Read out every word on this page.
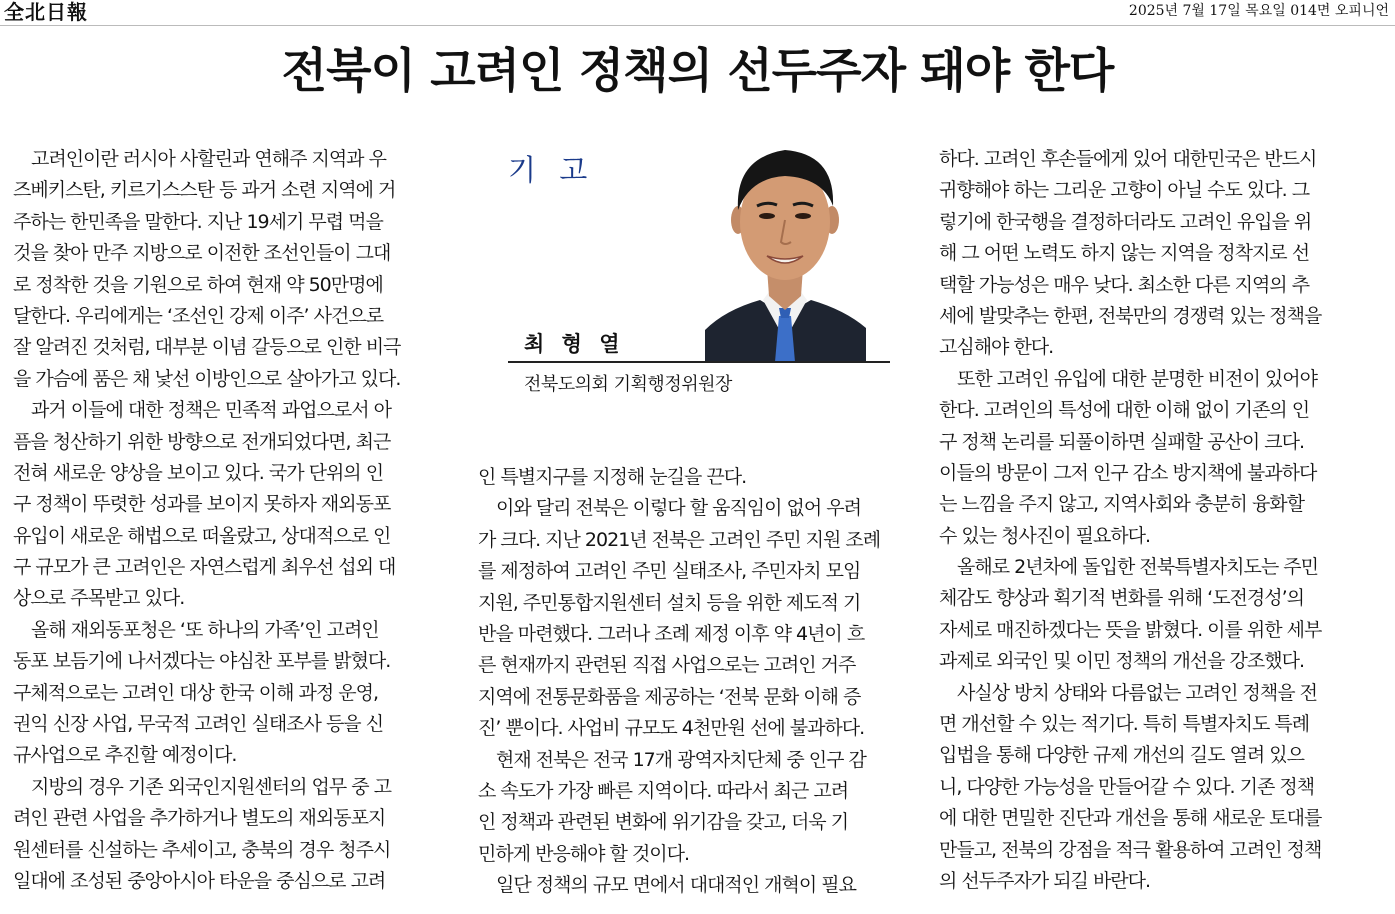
全北日報	2025년 7월 17일 목요일 014면 오피니언
전북이 고려인 정책의 선두주자 돼야 한다
　고려인이란 러시아 사할린과 연해주 지역과 우
즈베키스탄, 키르기스스탄 등 과거 소련 지역에 거
주하는 한민족을 말한다. 지난 19세기 무렵 먹을
것을 찾아 만주 지방으로 이전한 조선인들이 그대
로 정착한 것을 기원으로 하여 현재 약 50만명에
달한다. 우리에게는 ‘조선인 강제 이주’ 사건으로
잘 알려진 것처럼, 대부분 이념 갈등으로 인한 비극
을 가슴에 품은 채 낯선 이방인으로 살아가고 있다.
　과거 이들에 대한 정책은 민족적 과업으로서 아
픔을 청산하기 위한 방향으로 전개되었다면, 최근
전혀 새로운 양상을 보이고 있다. 국가 단위의 인
구 정책이 뚜렷한 성과를 보이지 못하자 재외동포
유입이 새로운 해법으로 떠올랐고, 상대적으로 인
구 규모가 큰 고려인은 자연스럽게 최우선 섭외 대
상으로 주목받고 있다.
　올해 재외동포청은 ‘또 하나의 가족’인 고려인
동포 보듬기에 나서겠다는 야심찬 포부를 밝혔다.
구체적으로는 고려인 대상 한국 이해 과정 운영,
권익 신장 사업, 무국적 고려인 실태조사 등을 신
규사업으로 추진할 예정이다.
　지방의 경우 기존 외국인지원센터의 업무 중 고
려인 관련 사업을 추가하거나 별도의 재외동포지
원센터를 신설하는 추세이고, 충북의 경우 청주시
일대에 조성된 중앙아시아 타운을 중심으로 고려
인 특별지구를 지정해 눈길을 끈다.
　이와 달리 전북은 이렇다 할 움직임이 없어 우려
가 크다. 지난 2021년 전북은 고려인 주민 지원 조례
를 제정하여 고려인 주민 실태조사, 주민자치 모임
지원, 주민통합지원센터 설치 등을 위한 제도적 기
반을 마련했다. 그러나 조례 제정 이후 약 4년이 흐
른 현재까지 관련된 직접 사업으로는 고려인 거주
지역에 전통문화품을 제공하는 ‘전북 문화 이해 증
진’ 뿐이다. 사업비 규모도 4천만원 선에 불과하다.
　현재 전북은 전국 17개 광역자치단체 중 인구 감
소 속도가 가장 빠른 지역이다. 따라서 최근 고려
인 정책과 관련된 변화에 위기감을 갖고, 더욱 기
민하게 반응해야 할 것이다.
　일단 정책의 규모 면에서 대대적인 개혁이 필요
하다. 고려인 후손들에게 있어 대한민국은 반드시
귀향해야 하는 그리운 고향이 아닐 수도 있다. 그
렇기에 한국행을 결정하더라도 고려인 유입을 위
해 그 어떤 노력도 하지 않는 지역을 정착지로 선
택할 가능성은 매우 낮다. 최소한 다른 지역의 추
세에 발맞추는 한편, 전북만의 경쟁력 있는 정책을
고심해야 한다.
　또한 고려인 유입에 대한 분명한 비전이 있어야
한다. 고려인의 특성에 대한 이해 없이 기존의 인
구 정책 논리를 되풀이하면 실패할 공산이 크다.
이들의 방문이 그저 인구 감소 방지책에 불과하다
는 느낌을 주지 않고, 지역사회와 충분히 융화할
수 있는 청사진이 필요하다.
　올해로 2년차에 돌입한 전북특별자치도는 주민
체감도 향상과 획기적 변화를 위해 ‘도전경성’의
자세로 매진하겠다는 뜻을 밝혔다. 이를 위한 세부
과제로 외국인 및 이민 정책의 개선을 강조했다.
　사실상 방치 상태와 다름없는 고려인 정책을 전
면 개선할 수 있는 적기다. 특히 특별자치도 특례
입법을 통해 다양한 규제 개선의 길도 열려 있으
니, 다양한 가능성을 만들어갈 수 있다. 기존 정책
에 대한 면밀한 진단과 개선을 통해 새로운 토대를
만들고, 전북의 강점을 적극 활용하여 고려인 정책
의 선두주자가 되길 바란다.
기 고
최 형 열
전북도의회 기획행정위원장
